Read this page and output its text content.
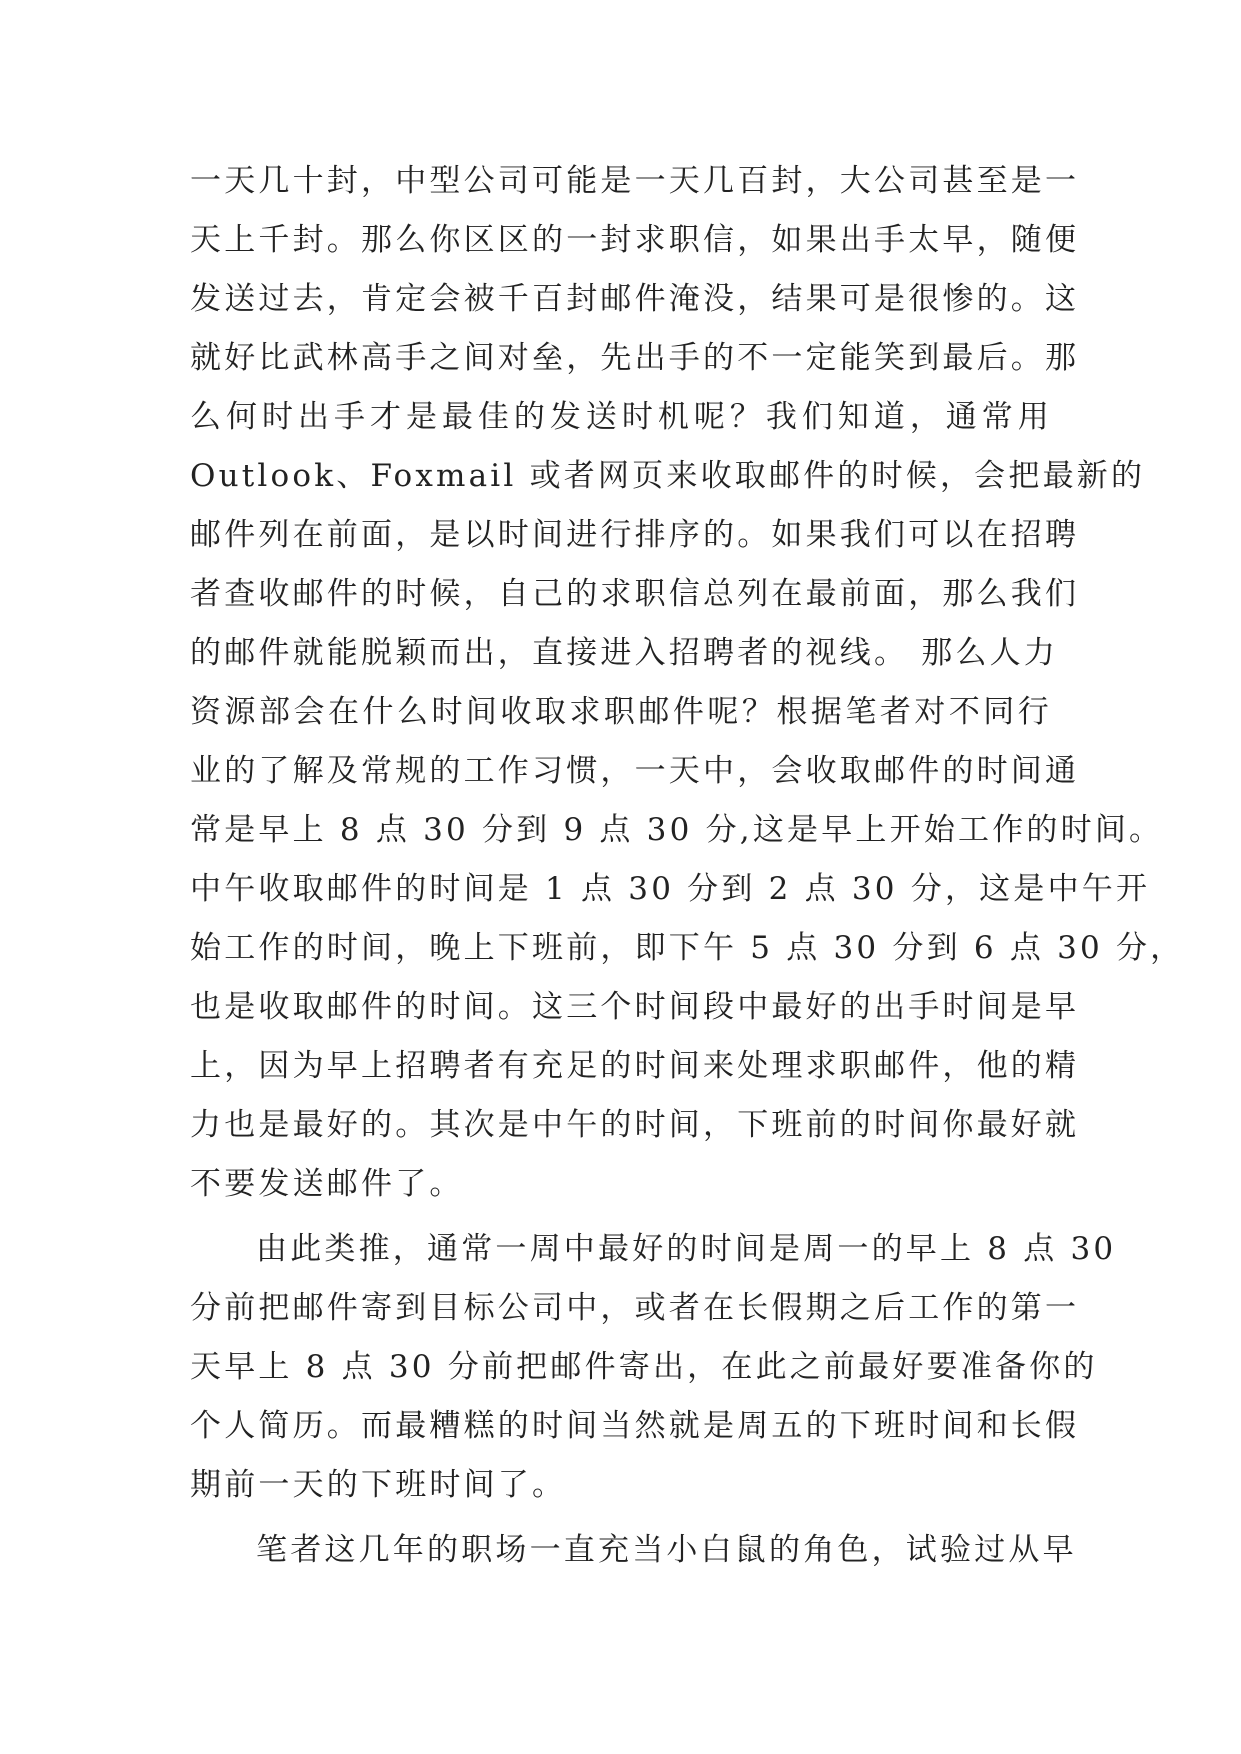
一天几十封，中型公司可能是一天几百封，大公司甚至是一
天上千封。那么你区区的一封求职信，如果出手太早，随便
发送过去，肯定会被千百封邮件淹没，结果可是很惨的。这
就好比武林高手之间对垒，先出手的不一定能笑到最后。那
么何时出手才是最佳的发送时机呢？我们知道，通常用
Outlook、Foxmail 或者网页来收取邮件的时候，会把最新的
邮件列在前面，是以时间进行排序的。如果我们可以在招聘
者查收邮件的时候，自己的求职信总列在最前面，那么我们
的邮件就能脱颖而出，直接进入招聘者的视线。 那么人力
资源部会在什么时间收取求职邮件呢？根据笔者对不同行
业的了解及常规的工作习惯，一天中，会收取邮件的时间通
常是早上 8 点 30 分到 9 点 30 分,这是早上开始工作的时间。
中午收取邮件的时间是 1 点 30 分到 2 点 30 分，这是中午开
始工作的时间，晚上下班前，即下午 5 点 30 分到 6 点 30 分，
也是收取邮件的时间。这三个时间段中最好的出手时间是早
上，因为早上招聘者有充足的时间来处理求职邮件，他的精
力也是最好的。其次是中午的时间，下班前的时间你最好就
不要发送邮件了。
由此类推，通常一周中最好的时间是周一的早上 8 点 30
分前把邮件寄到目标公司中，或者在长假期之后工作的第一
天早上 8 点 30 分前把邮件寄出，在此之前最好要准备你的
个人简历。而最糟糕的时间当然就是周五的下班时间和长假
期前一天的下班时间了。
笔者这几年的职场一直充当小白鼠的角色，试验过从早
